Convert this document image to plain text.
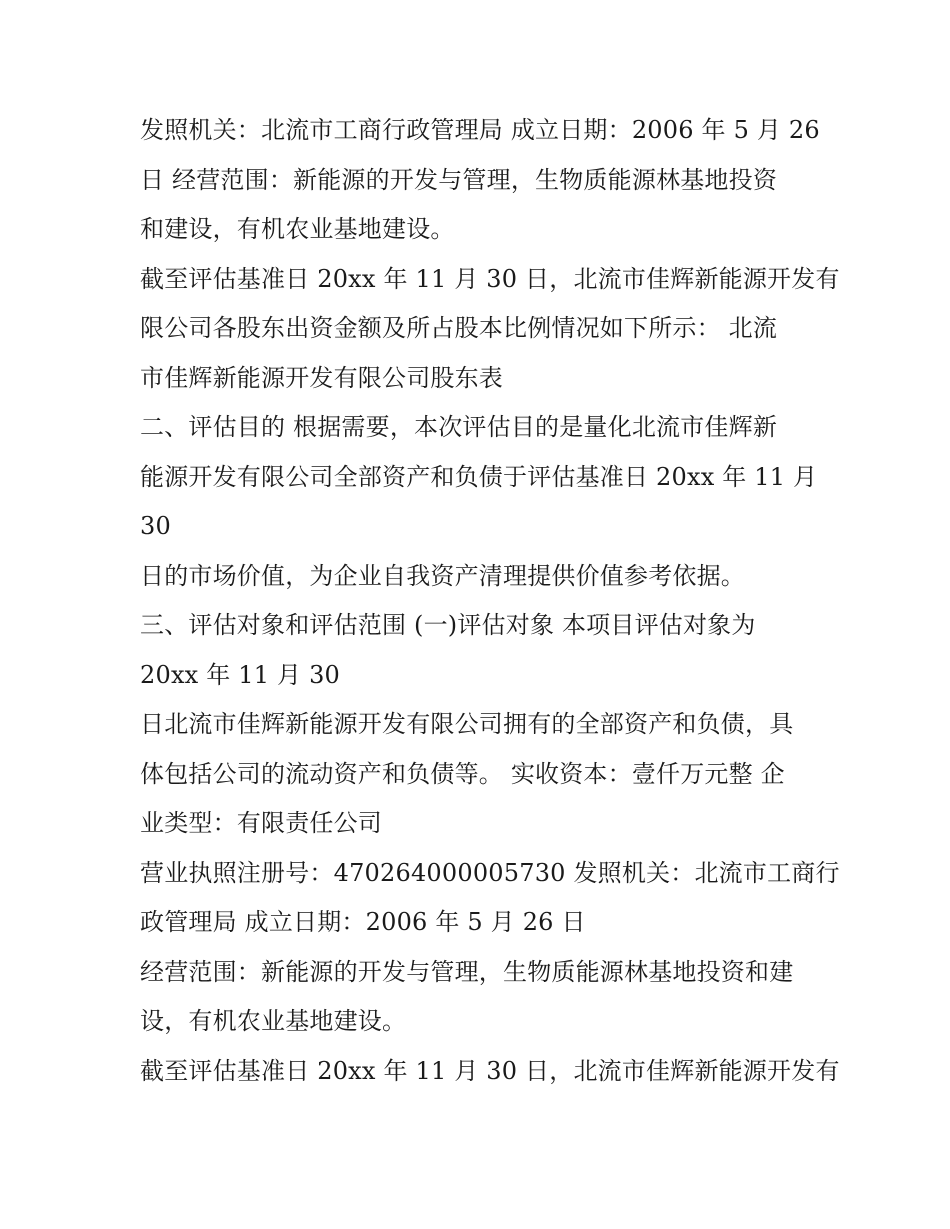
发照机关：北流市工商行政管理局 成立日期：2006 年 5 月 26
日 经营范围：新能源的开发与管理，生物质能源林基地投资
和建设，有机农业基地建设。
截至评估基准日 20xx 年 11 月 30 日，北流市佳辉新能源开发有
限公司各股东出资金额及所占股本比例情况如下所示： 北流
市佳辉新能源开发有限公司股东表
二、评估目的 根据需要，本次评估目的是量化北流市佳辉新
能源开发有限公司全部资产和负债于评估基准日 20xx 年 11 月
30
日的市场价值，为企业自我资产清理提供价值参考依据。
三、评估对象和评估范围 (一)评估对象 本项目评估对象为
20xx 年 11 月 30
日北流市佳辉新能源开发有限公司拥有的全部资产和负债，具
体包括公司的流动资产和负债等。 实收资本：壹仟万元整 企
业类型：有限责任公司
营业执照注册号：470264000005730 发照机关：北流市工商行
政管理局 成立日期：2006 年 5 月 26 日
经营范围：新能源的开发与管理，生物质能源林基地投资和建
设，有机农业基地建设。
截至评估基准日 20xx 年 11 月 30 日，北流市佳辉新能源开发有
